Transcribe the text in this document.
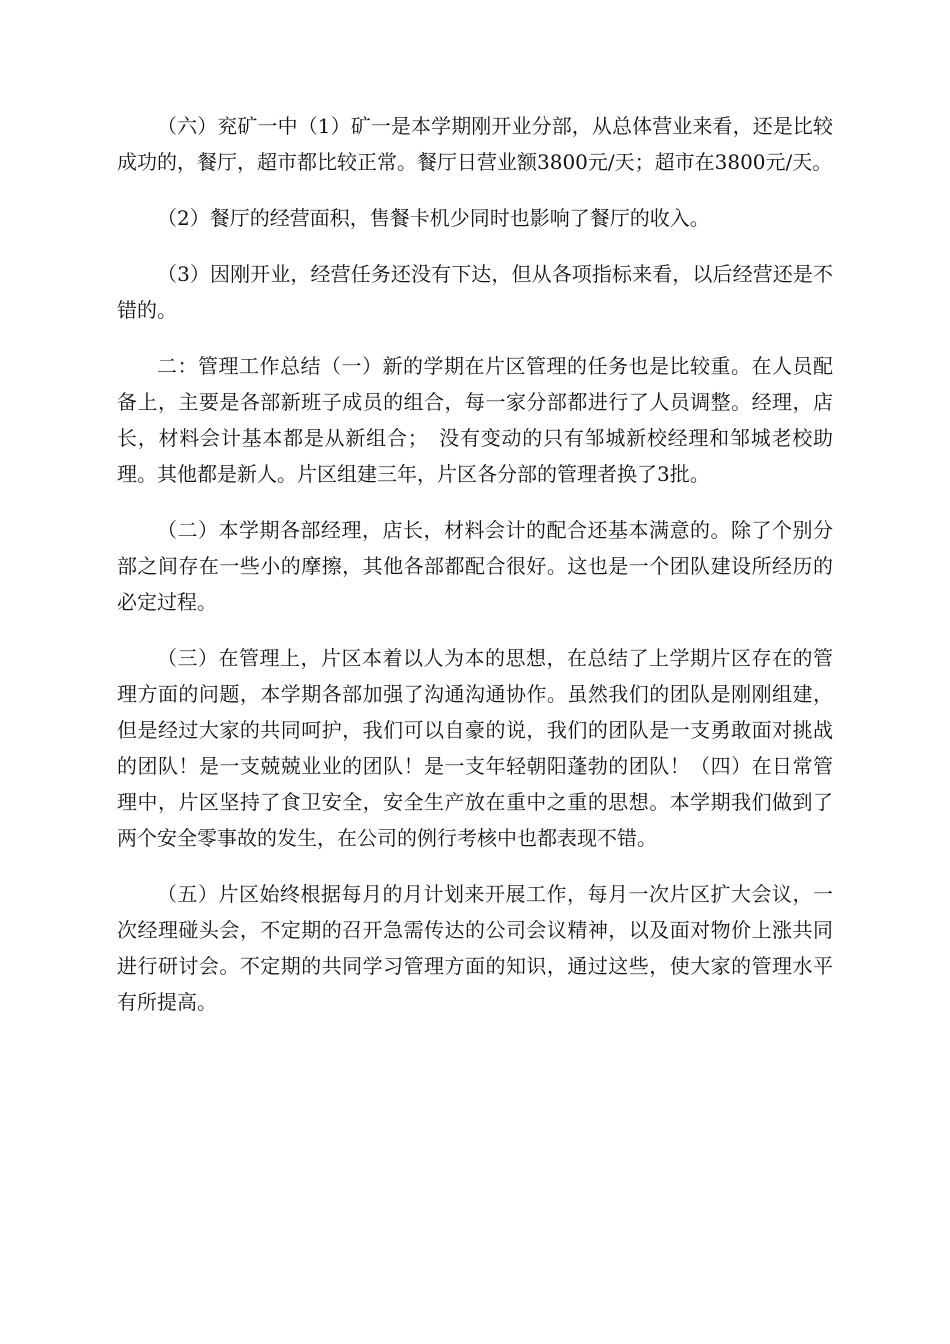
（六）兖矿一中（1）矿一是本学期刚开业分部，从总体营业来看，还是比较成功的，餐厅，超市都比较正常。餐厅日营业额3800元/天；超市在3800元/天。

（2）餐厅的经营面积，售餐卡机少同时也影响了餐厅的收入。

（3）因刚开业，经营任务还没有下达，但从各项指标来看，以后经营还是不错的。

二：管理工作总结（一）新的学期在片区管理的任务也是比较重。在人员配备上，主要是各部新班子成员的组合，每一家分部都进行了人员调整。经理，店长，材料会计基本都是从新组合；　没有变动的只有邹城新校经理和邹城老校助理。其他都是新人。片区组建三年，片区各分部的管理者换了3批。

（二）本学期各部经理，店长，材料会计的配合还基本满意的。除了个别分部之间存在一些小的摩擦，其他各部都配合很好。这也是一个团队建设所经历的必定过程。

（三）在管理上，片区本着以人为本的思想，在总结了上学期片区存在的管理方面的问题，本学期各部加强了沟通沟通协作。虽然我们的团队是刚刚组建，但是经过大家的共同呵护，我们可以自豪的说，我们的团队是一支勇敢面对挑战的团队！是一支兢兢业业的团队！是一支年轻朝阳蓬勃的团队！（四）在日常管理中，片区坚持了食卫安全，安全生产放在重中之重的思想。本学期我们做到了两个安全零事故的发生，在公司的例行考核中也都表现不错。

（五）片区始终根据每月的月计划来开展工作，每月一次片区扩大会议，一次经理碰头会，不定期的召开急需传达的公司会议精神，以及面对物价上涨共同进行研讨会。不定期的共同学习管理方面的知识，通过这些，使大家的管理水平有所提高。
